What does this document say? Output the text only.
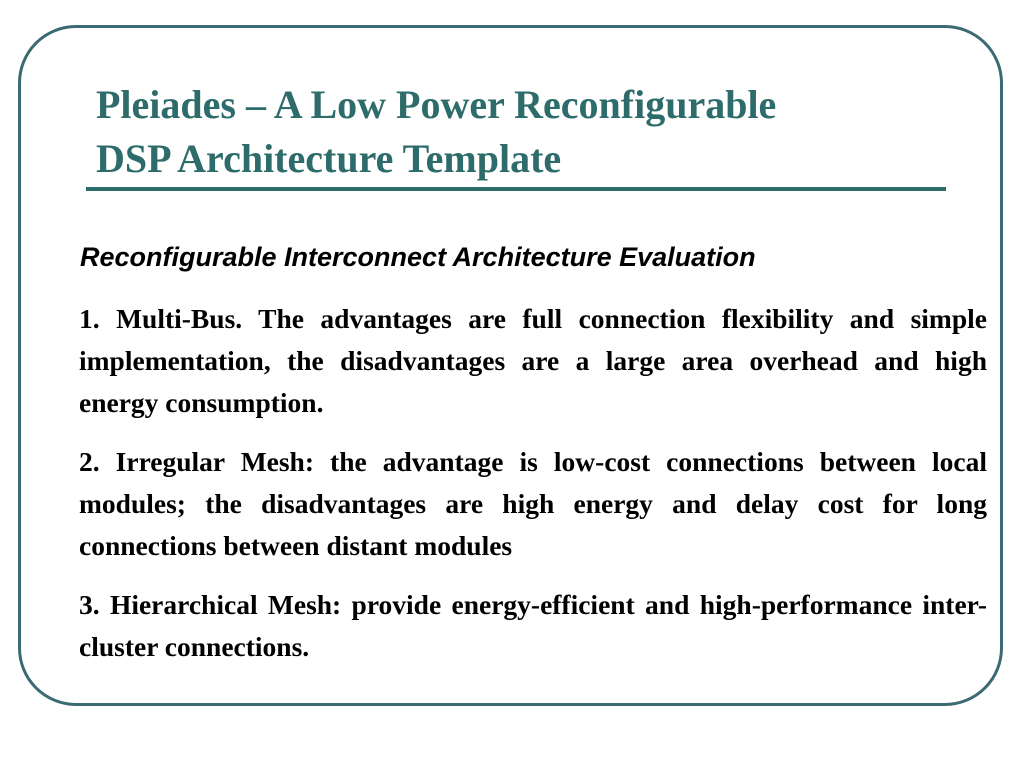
Pleiades – A Low Power Reconfigurable
DSP Architecture Template
Reconfigurable Interconnect Architecture Evaluation

1. Multi-Bus. The advantages are full connection flexibility and simple implementation, the disadvantages are a large area overhead and high energy consumption.

2. Irregular Mesh: the advantage is low-cost connections between local modules; the disadvantages are high energy and delay cost for long connections between distant modules

3. Hierarchical Mesh: provide energy-efficient and high-performance inter-cluster connections.
